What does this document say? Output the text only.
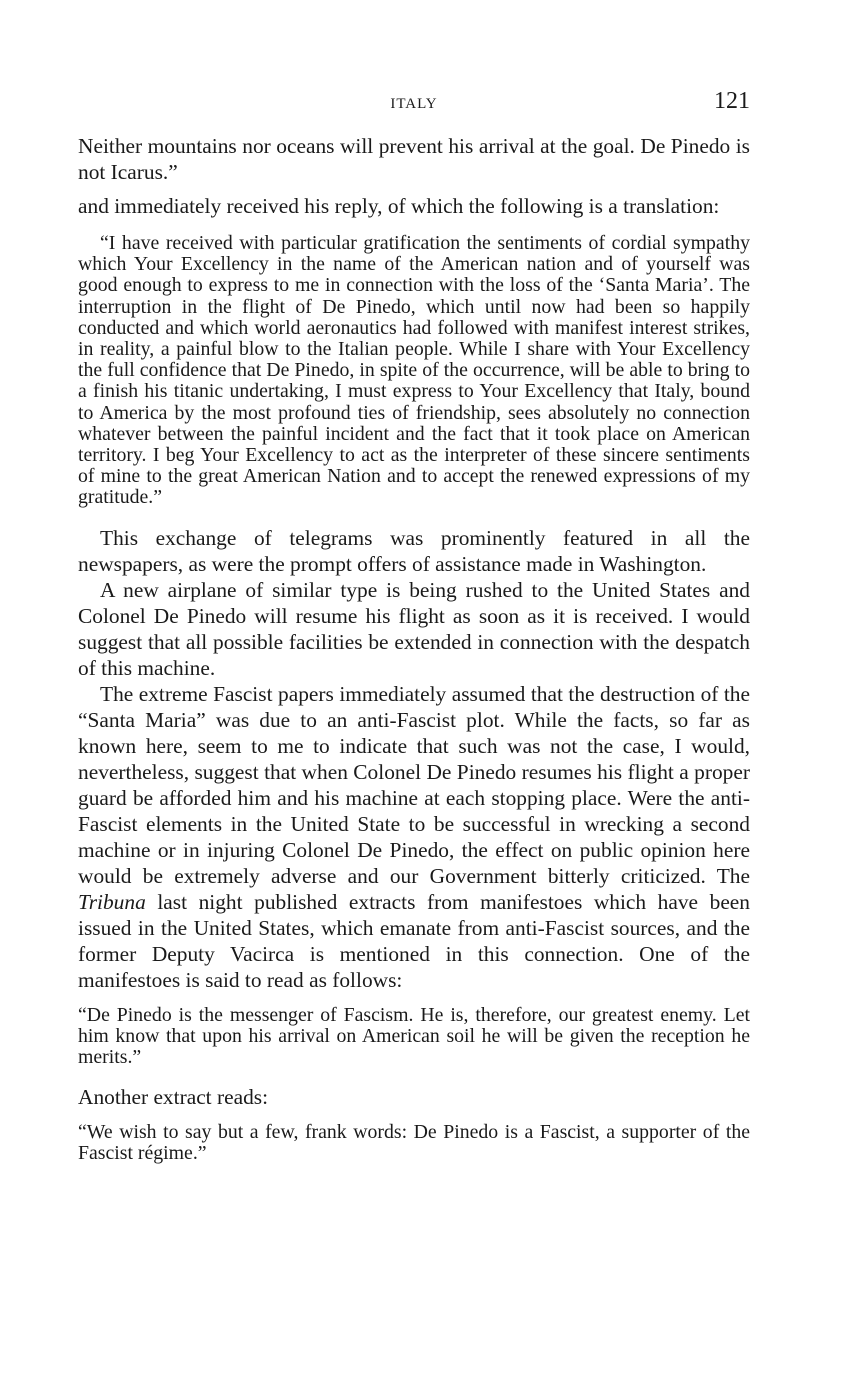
ITALY	121

Neither mountains nor oceans will prevent his arrival at the goal. De Pinedo is not Icarus.”

and immediately received his reply, of which the following is a translation:

“I have received with particular gratification the sentiments of cordial sympathy which Your Excellency in the name of the American nation and of yourself was good enough to express to me in connection with the loss of the ‘Santa Maria’. The interruption in the flight of De Pinedo, which until now had been so happily conducted and which world aeronautics had followed with manifest interest strikes, in reality, a painful blow to the Italian people. While I share with Your Excellency the full confidence that De Pinedo, in spite of the occurrence, will be able to bring to a finish his titanic undertaking, I must express to Your Excellency that Italy, bound to America by the most profound ties of friendship, sees absolutely no connection whatever between the painful incident and the fact that it took place on American territory. I beg Your Excellency to act as the interpreter of these sincere sentiments of mine to the great American Nation and to accept the renewed expressions of my gratitude.”

This exchange of telegrams was prominently featured in all the newspapers, as were the prompt offers of assistance made in Washington.

A new airplane of similar type is being rushed to the United States and Colonel De Pinedo will resume his flight as soon as it is received. I would suggest that all possible facilities be extended in connection with the despatch of this machine.

The extreme Fascist papers immediately assumed that the destruction of the “Santa Maria” was due to an anti-Fascist plot. While the facts, so far as known here, seem to me to indicate that such was not the case, I would, nevertheless, suggest that when Colonel De Pinedo resumes his flight a proper guard be afforded him and his machine at each stopping place. Were the anti-Fascist elements in the United State to be successful in wrecking a second machine or in injuring Colonel De Pinedo, the effect on public opinion here would be extremely adverse and our Government bitterly criticized. The Tribuna last night published extracts from manifestoes which have been issued in the United States, which emanate from anti-Fascist sources, and the former Deputy Vacirca is mentioned in this connection. One of the manifestoes is said to read as follows:

“De Pinedo is the messenger of Fascism. He is, therefore, our greatest enemy. Let him know that upon his arrival on American soil he will be given the reception he merits.”

Another extract reads:

“We wish to say but a few, frank words: De Pinedo is a Fascist, a supporter of the Fascist régime.”
